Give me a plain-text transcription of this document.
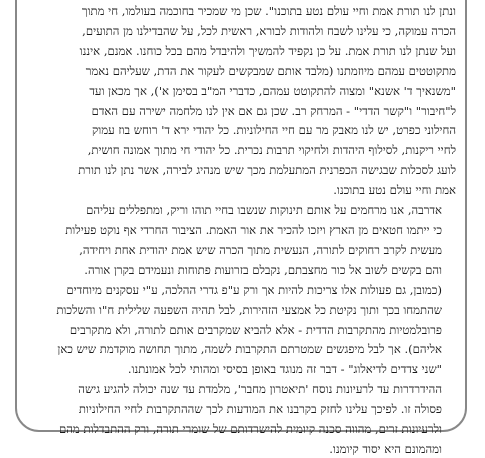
ונתן לנו תורת אמת וחיי עולם נטע בתוכנו". שכן מי שמכיר בחוכמה בעולמו, חי מתוך
הכרה עמוקה, כי עלינו לשבח ולהודות לבורא, ראשית לכל, על שהבדילנו מן התועים,
ועל שנתן לנו תורת אמת. על כן נקפיד להמשיך ולהיבדל מהם בכל כוחנו. אמנם, איננו
מתקוטטים עמהם מיוזמתנו (מלבד אותם שמבקשים לעקור את הדת, שעליהם נאמר
"משנאיך ד' אשנא" ומצוה להתקוטט עמהם, כדברי המ"ב בסימן א'), אך מכאן ועד
ל"חיבור" ו"קשר הדדי" - המרחק רב. שכן גם אם אין לנו מלחמה ישירה עם האדם
החילוני כפרט, יש לנו מאבק מר עם חיי החילוניות. כל יהודי ירא ד' רוחש בוז עמוק
לחיי ריקנות, לסילוף היהדות ולחיקוי תרבות נכרית. כל יהודי חי מתוך אמונה חושית,
לועג לסכלות שבגישה הכפרנית המתעלמת מכך שיש מנהיג לבירה, אשר נתן לנו תורת
אמת וחיי עולם נטע בתוכנו.

אדרבה, אנו מרחמים על אותם תינוקות שנשבו בחיי תוהו וריק, ומתפללים עליהם
כי ייתמו חטאים מן הארץ ויזכו להכיר את אור האמת. הציבור החרדי אף נוקט פעילות
מעשית לקרב רחוקים לתורה, הנעשית מתוך הכרה שיש אמת יהודית אחת ויחידה,
והם בקשים לשוב אל כור מחצבתם, נקבלם בזרועות פתוחות ונעמידם בקרן אורה.
(כמובן, גם פעולות אלו צריכות להיות אך ורק ע"פ גדרי ההלכה, ע"י עסקנים מיוחדים
שהתמחו בכך ותוך נקיטת כל אמצעי הזהירות, לבל תהיה השפעה שלילית ח"ו והשלכות
פרובלמטיות מהתקרבות הדדית - אלא להביא שמקרבים אותם לתורה, ולא מתקרבים
אליהם). אך לבל מיפגשים שמטרתם התקרבות לשמה, מתוך תחושה מוקדמת שיש כאן
"שני צדדים לדיאלוג" - דבר זה מנוגד באופן בסיסי ומהותי לכל אמונתנו.

ההידרדרות עד לרעיונות נוסח 'תיאטרון מחבר', מלמדת עד שנה יכולה להגיע גישה
פסולה זו. לפיכך עלינו לחזק בקרבנו את המודעות לכך שההתקרבות לחיי החילוניות
ולרעיונות זרים, מהווה סכנה קיומית להישרדותם של שומרי תורה, ורק ההתבדלות מהם
ומהמונם היא יסוד קיומנו.
